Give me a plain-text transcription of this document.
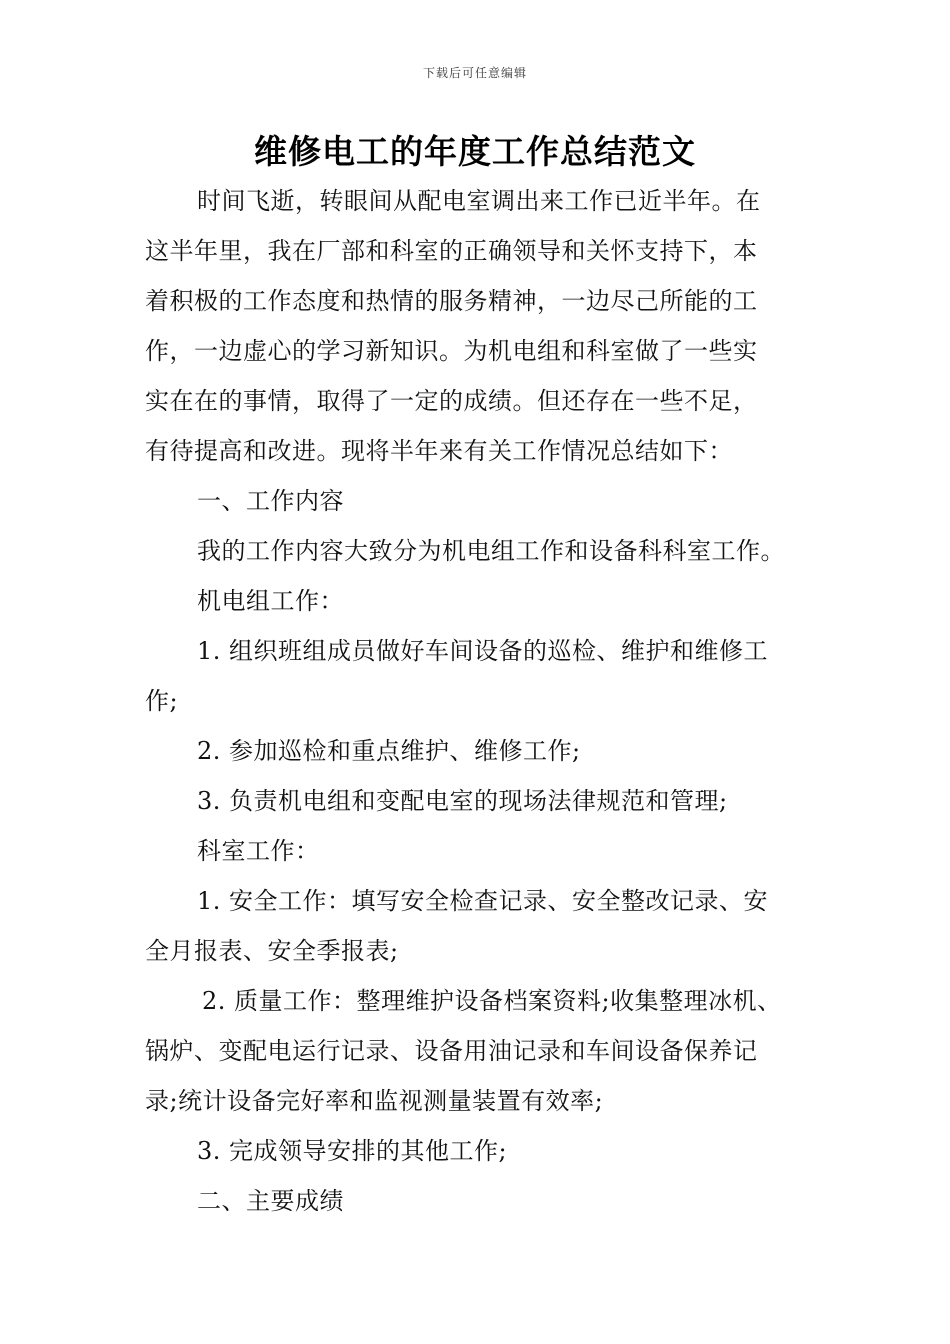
下载后可任意编辑
维修电工的年度工作总结范文
时间飞逝，转眼间从配电室调出来工作已近半年。在
这半年里，我在厂部和科室的正确领导和关怀支持下，本
着积极的工作态度和热情的服务精神，一边尽己所能的工
作，一边虚心的学习新知识。为机电组和科室做了一些实
实在在的事情，取得了一定的成绩。但还存在一些不足，
有待提高和改进。现将半年来有关工作情况总结如下：
一、工作内容
我的工作内容大致分为机电组工作和设备科科室工作。
机电组工作：
1. 组织班组成员做好车间设备的巡检、维护和维修工
作;
2. 参加巡检和重点维护、维修工作;
3. 负责机电组和变配电室的现场法律规范和管理;
科室工作：
1. 安全工作：填写安全检查记录、安全整改记录、安
全月报表、安全季报表;
2. 质量工作：整理维护设备档案资料;收集整理冰机、
锅炉、变配电运行记录、设备用油记录和车间设备保养记
录;统计设备完好率和监视测量装置有效率;
3. 完成领导安排的其他工作;
二、主要成绩
